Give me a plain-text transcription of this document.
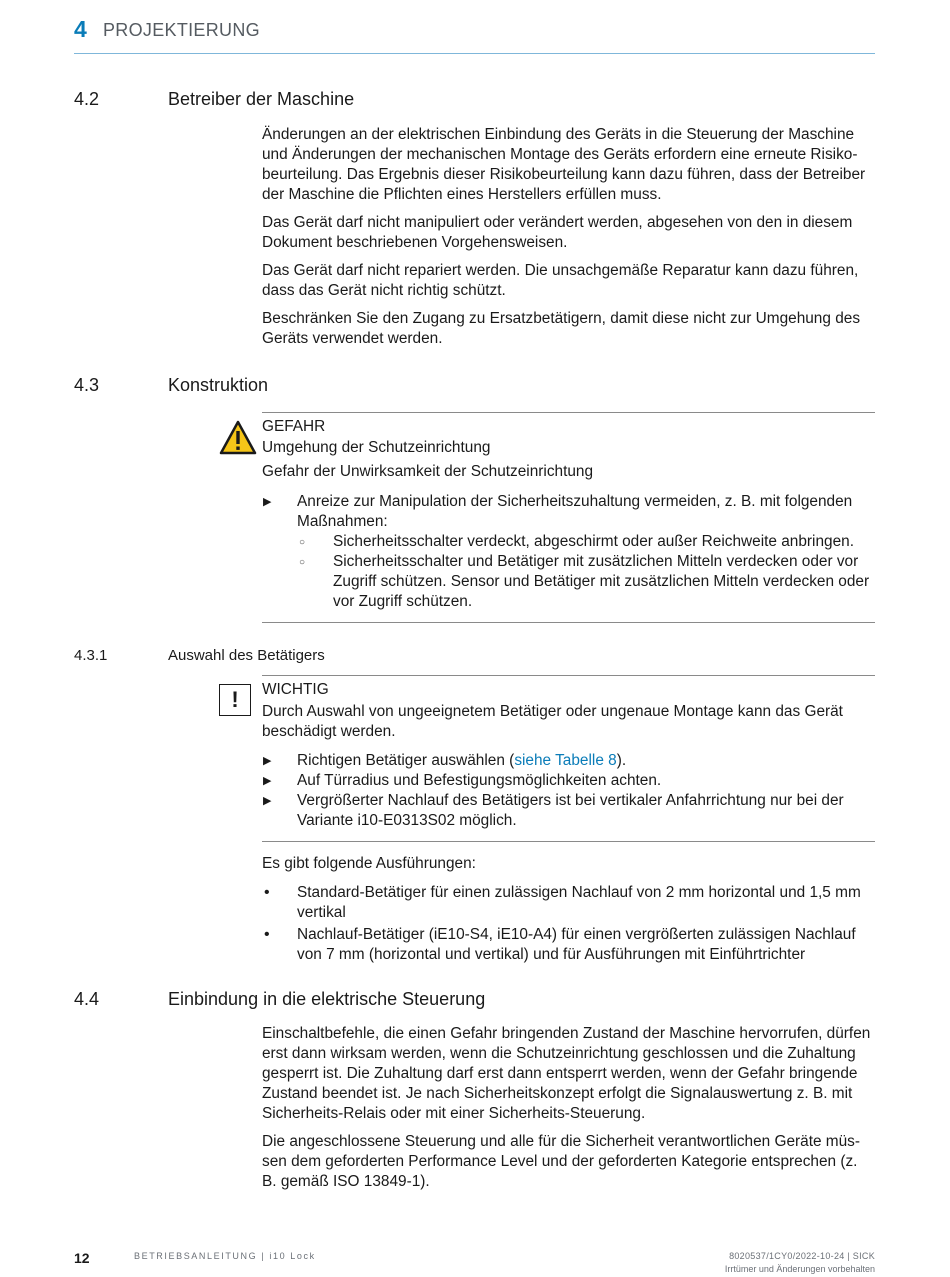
4 PROJEKTIERUNG
4.2	Betreiber der Maschine

Änderungen an der elektrischen Einbindung des Geräts in die Steuerung der Maschine und Änderungen der mechanischen Montage des Geräts erfordern eine erneute Risikobeurteilung. Das Ergebnis dieser Risikobeurteilung kann dazu führen, dass der Betreiber der Maschine die Pflichten eines Herstellers erfüllen muss.

Das Gerät darf nicht manipuliert oder verändert werden, abgesehen von den in diesem Dokument beschriebenen Vorgehensweisen.

Das Gerät darf nicht repariert werden. Die unsachgemäße Reparatur kann dazu führen, dass das Gerät nicht richtig schützt.

Beschränken Sie den Zugang zu Ersatzbetätigern, damit diese nicht zur Umgehung des Geräts verwendet werden.

4.3	Konstruktion
GEFAHR

Umgehung der Schutzeinrichtung

Gefahr der Unwirksamkeit der Schutzeinrichtung

▶ Anreize zur Manipulation der Sicherheitszuhaltung vermeiden, z. B. mit folgenden Maßnahmen:
○ Sicherheitsschalter verdeckt, abgeschirmt oder außer Reichweite anbringen.
○ Sicherheitsschalter und Betätiger mit zusätzlichen Mitteln verdecken oder vor Zugriff schützen. Sensor und Betätiger mit zusätzlichen Mitteln verdecken oder vor Zugriff schützen.
4.3.1	Auswahl des Betätigers
!	WICHTIG
Durch Auswahl von ungeeignetem Betätiger oder ungenaue Montage kann das Gerät beschädigt werden.
▶ Richtigen Betätiger auswählen (siehe Tabelle 8).
▶ Auf Türradius und Befestigungsmöglichkeiten achten.
▶ Vergrößerter Nachlauf des Betätigers ist bei vertikaler Anfahrrichtung nur bei der Variante i10-E0313S02 möglich.
Es gibt folgende Ausführungen:
• Standard-Betätiger für einen zulässigen Nachlauf von 2 mm horizontal und 1,5 mm vertikal
• Nachlauf-Betätiger (iE10-S4, iE10-A4) für einen vergrößerten zulässigen Nachlauf von 7 mm (horizontal und vertikal) und für Ausführungen mit Einführtrichter
4.4	Einbindung in die elektrische Steuerung

Einschaltbefehle, die einen Gefahr bringenden Zustand der Maschine hervorrufen, dürfen erst dann wirksam werden, wenn die Schutzeinrichtung geschlossen und die Zuhaltung gesperrt ist. Die Zuhaltung darf erst dann entsperrt werden, wenn der Gefahr bringende Zustand beendet ist. Je nach Sicherheitskonzept erfolgt die Signalauswertung z. B. mit Sicherheits-Relais oder mit einer Sicherheits-Steuerung.

Die angeschlossene Steuerung und alle für die Sicherheit verantwortlichen Geräte müssen dem geforderten Performance Level und der geforderten Kategorie entsprechen (z. B. gemäß ISO 13849-1).

12	BETRIEBSANLEITUNG | i10 Lock	8020537/1CY0/2022-10-24 | SICK
Irrtümer und Änderungen vorbehalten
